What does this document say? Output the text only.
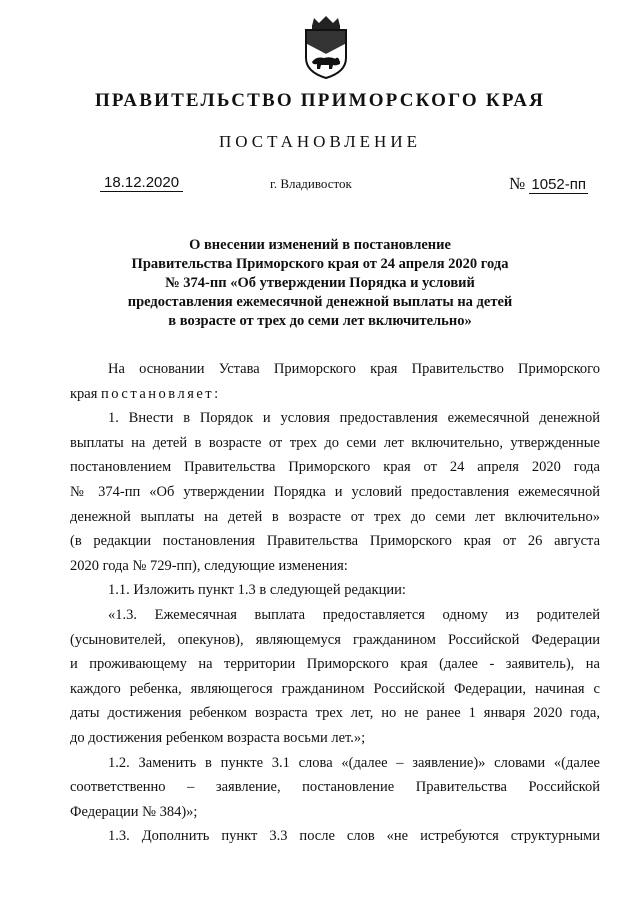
ПРАВИТЕЛЬСТВО ПРИМОРСКОГО КРАЯ
ПОСТАНОВЛЕНИЕ
18.12.2020	г. Владивосток	№ 1052-пп
О внесении изменений в постановление
Правительства Приморского края от 24 апреля 2020 года
№ 374-пп «Об утверждении Порядка и условий
предоставления ежемесячной денежной выплаты на детей
в возрасте от трех до семи лет включительно»
На основании Устава Приморского края Правительство Приморского
края постановляет:
1. Внести в Порядок и условия предоставления ежемесячной денежной
выплаты на детей в возрасте от трех до семи лет включительно, утвержденные
постановлением Правительства Приморского края от 24 апреля 2020 года
№ 374-пп «Об утверждении Порядка и условий предоставления ежемесячной
денежной выплаты на детей в возрасте от трех до семи лет включительно»
(в редакции постановления Правительства Приморского края от 26 августа
2020 года № 729-пп), следующие изменения:
1.1. Изложить пункт 1.3 в следующей редакции:
«1.3. Ежемесячная выплата предоставляется одному из родителей
(усыновителей, опекунов), являющемуся гражданином Российской Федерации
и проживающему на территории Приморского края (далее - заявитель), на
каждого ребенка, являющегося гражданином Российской Федерации, начиная с
даты достижения ребенком возраста трех лет, но не ранее 1 января 2020 года,
до достижения ребенком возраста восьми лет.»;
1.2. Заменить в пункте 3.1 слова «(далее – заявление)» словами «(далее
соответственно – заявление, постановление Правительства Российской
Федерации № 384)»;
1.3. Дополнить пункт 3.3 после слов «не истребуются структурными
